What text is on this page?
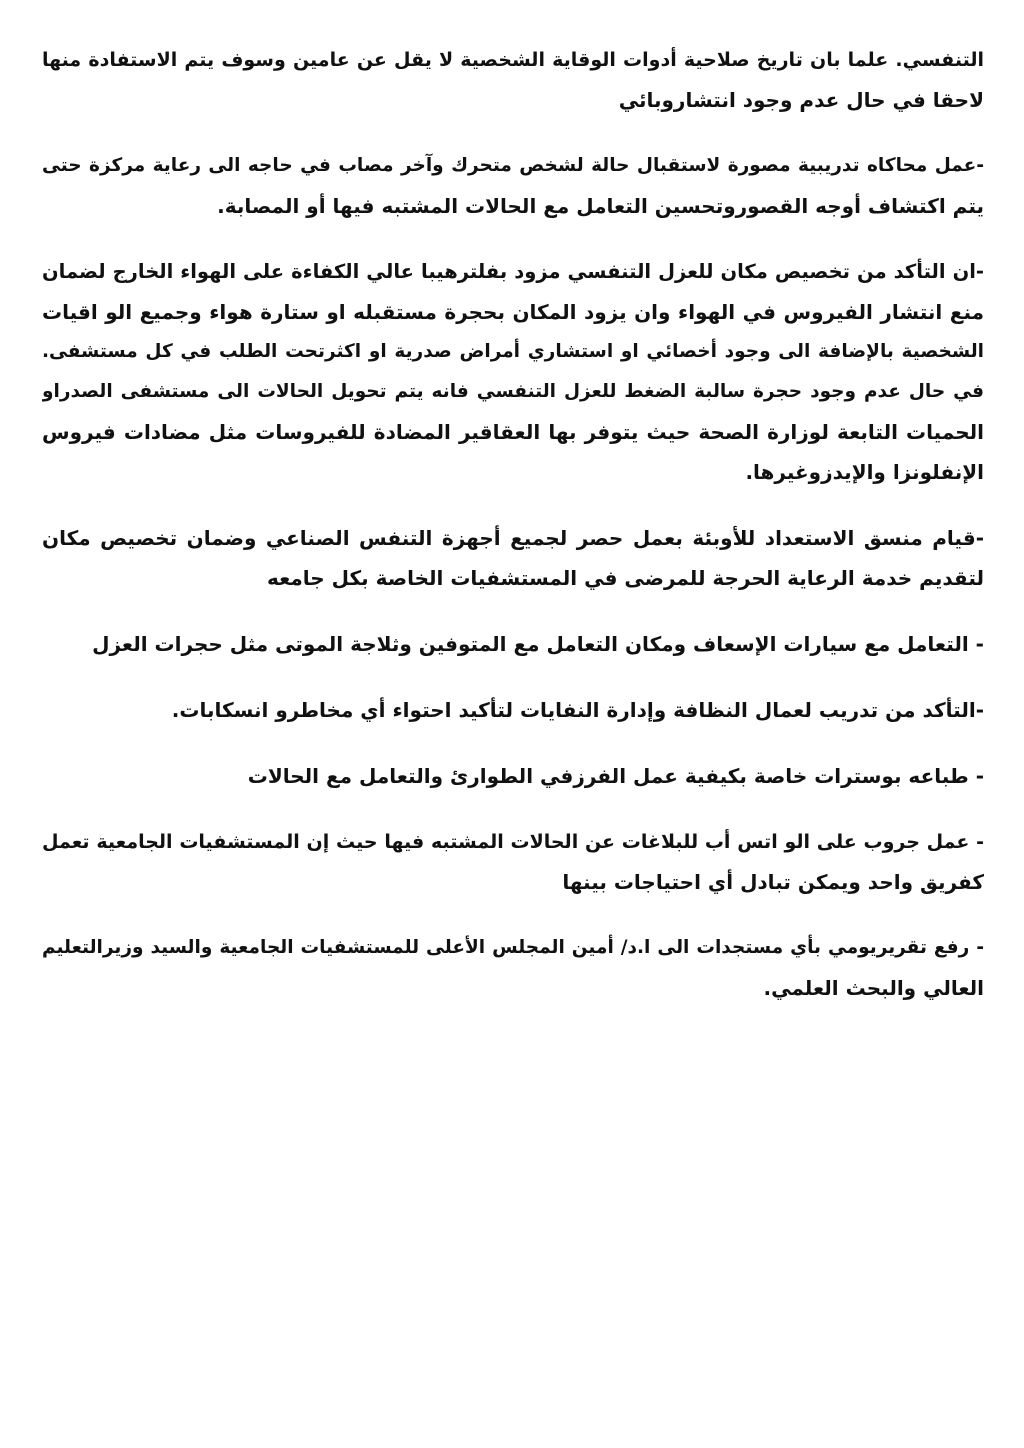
التنفسي. علما بان تاريخ صلاحية أدوات الوقاية الشخصية لا يقل عن عامين وسوف يتم الاستفادة منها
لاحقا في حال عدم وجود انتشاروبائي

-عمل محاكاه تدريبية مصورة لاستقبال حالة لشخص متحرك وآخر مصاب في حاجه الى رعاية مركزة حتى
يتم اكتشاف أوجه القصوروتحسين التعامل مع الحالات المشتبه فيها أو المصابة.

-ان التأكد من تخصيص مكان للعزل التنفسي مزود بفلترهيبا عالي الكفاءة على الهواء الخارج لضمان
منع انتشار الفيروس في الهواء وان يزود المكان بحجرة مستقبله او ستارة هواء وجميع الو اقيات
الشخصية بالإضافة الى وجود أخصائي او استشاري أمراض صدرية او اكثرتحت الطلب في كل مستشفى.
في حال عدم وجود حجرة سالبة الضغط للعزل التنفسي فانه يتم تحويل الحالات الى مستشفى الصدراو
الحميات التابعة لوزارة الصحة حيث يتوفر بها العقاقير المضادة للفيروسات مثل مضادات فيروس
الإنفلونزا والإيدزوغيرها.

-قيام منسق الاستعداد للأوبئة بعمل حصر لجميع أجهزة التنفس الصناعي وضمان تخصيص مكان
لتقديم خدمة الرعاية الحرجة للمرضى في المستشفيات الخاصة بكل جامعه

- التعامل مع سيارات الإسعاف ومكان التعامل مع المتوفين وثلاجة الموتى مثل حجرات العزل

-التأكد من تدريب لعمال النظافة وإدارة النفايات لتأكيد احتواء أي مخاطرو انسكابات.

- طباعه بوسترات خاصة بكيفية عمل الفرزفي الطوارئ والتعامل مع الحالات

- عمل جروب على الو اتس أب للبلاغات عن الحالات المشتبه فيها حيث إن المستشفيات الجامعية تعمل
كفريق واحد ويمكن تبادل أي احتياجات بينها

- رفع تقريريومي بأي مستجدات الى ا.د/ أمين المجلس الأعلى للمستشفيات الجامعية والسيد وزيرالتعليم
العالي والبحث العلمي.
